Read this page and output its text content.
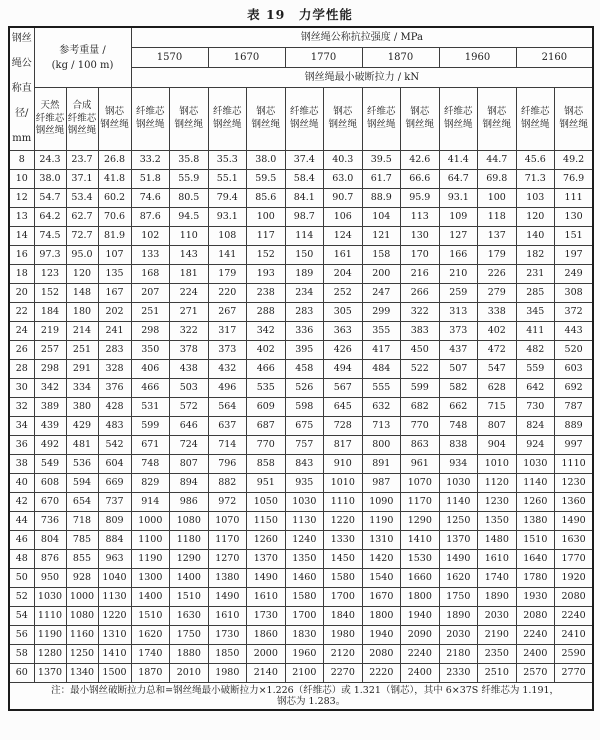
表 19　力学性能
钢丝
绳公
称直
径/
mm

参考重量 /
(kg / 100 m)
	钢丝绳公称抗拉强度 / MPa
				1570		1670		1770		1870		1960		2160	
				钢丝绳最小破断拉力 / kN											

天然
纤维芯
钢丝绳

合成
纤维芯
钢丝绳

钢芯
钢丝绳

纤维芯
钢丝绳

钢芯
钢丝绳

纤维芯
钢丝绳

钢芯
钢丝绳

纤维芯
钢丝绳

钢芯
钢丝绳

纤维芯
钢丝绳

钢芯
钢丝绳

纤维芯
钢丝绳

钢芯
钢丝绳

纤维芯
钢丝绳

钢芯
钢丝绳

8	24.3	23.7	26.8	33.2	35.8	35.3	38.0	37.4	40.3	39.5	42.6	41.4	44.7	45.6	49.2
10	38.0	37.1	41.8	51.8	55.9	55.1	59.5	58.4	63.0	61.7	66.6	64.7	69.8	71.3	76.9
12	54.7	53.4	60.2	74.6	80.5	79.4	85.6	84.1	90.7	88.9	95.9	93.1	100	103	111
13	64.2	62.7	70.6	87.6	94.5	93.1	100	98.7	106	104	113	109	118	120	130
14	74.5	72.7	81.9	102	110	108	117	114	124	121	130	127	137	140	151
16	97.3	95.0	107	133	143	141	152	150	161	158	170	166	179	182	197
18	123	120	135	168	181	179	193	189	204	200	216	210	226	231	249
20	152	148	167	207	224	220	238	234	252	247	266	259	279	285	308
22	184	180	202	251	271	267	288	283	305	299	322	313	338	345	372
24	219	214	241	298	322	317	342	336	363	355	383	373	402	411	443
26	257	251	283	350	378	373	402	395	426	417	450	437	472	482	520
28	298	291	328	406	438	432	466	458	494	484	522	507	547	559	603
30	342	334	376	466	503	496	535	526	567	555	599	582	628	642	692
32	389	380	428	531	572	564	609	598	645	632	682	662	715	730	787
34	439	429	483	599	646	637	687	675	728	713	770	748	807	824	889
36	492	481	542	671	724	714	770	757	817	800	863	838	904	924	997
38	549	536	604	748	807	796	858	843	910	891	961	934	1010	1030	1110
40	608	594	669	829	894	882	951	935	1010	987	1070	1030	1120	1140	1230
42	670	654	737	914	986	972	1050	1030	1110	1090	1170	1140	1230	1260	1360
44	736	718	809	1000	1080	1070	1150	1130	1220	1190	1290	1250	1350	1380	1490
46	804	785	884	1100	1180	1170	1260	1240	1330	1310	1410	1370	1480	1510	1630
48	876	855	963	1190	1290	1270	1370	1350	1450	1420	1530	1490	1610	1640	1770
50	950	928	1040	1300	1400	1380	1490	1460	1580	1540	1660	1620	1740	1780	1920
52	1030	1000	1130	1400	1510	1490	1610	1580	1700	1670	1800	1750	1890	1930	2080
54	1110	1080	1220	1510	1630	1610	1730	1700	1840	1800	1940	1890	2030	2080	2240
56	1190	1160	1310	1620	1750	1730	1860	1830	1980	1940	2090	2030	2190	2240	2410
58	1280	1250	1410	1740	1880	1850	2000	1960	2120	2080	2240	2180	2350	2400	2590
60	1370	1340	1500	1870	2010	1980	2140	2100	2270	2220	2400	2330	2510	2570	2770

注：最小钢丝破断拉力总和=钢丝绳最小破断拉力×1.226（纤维芯）或 1.321（钢芯），其中 6×37S 纤维芯为 1.191，
钢芯为 1.283。															
